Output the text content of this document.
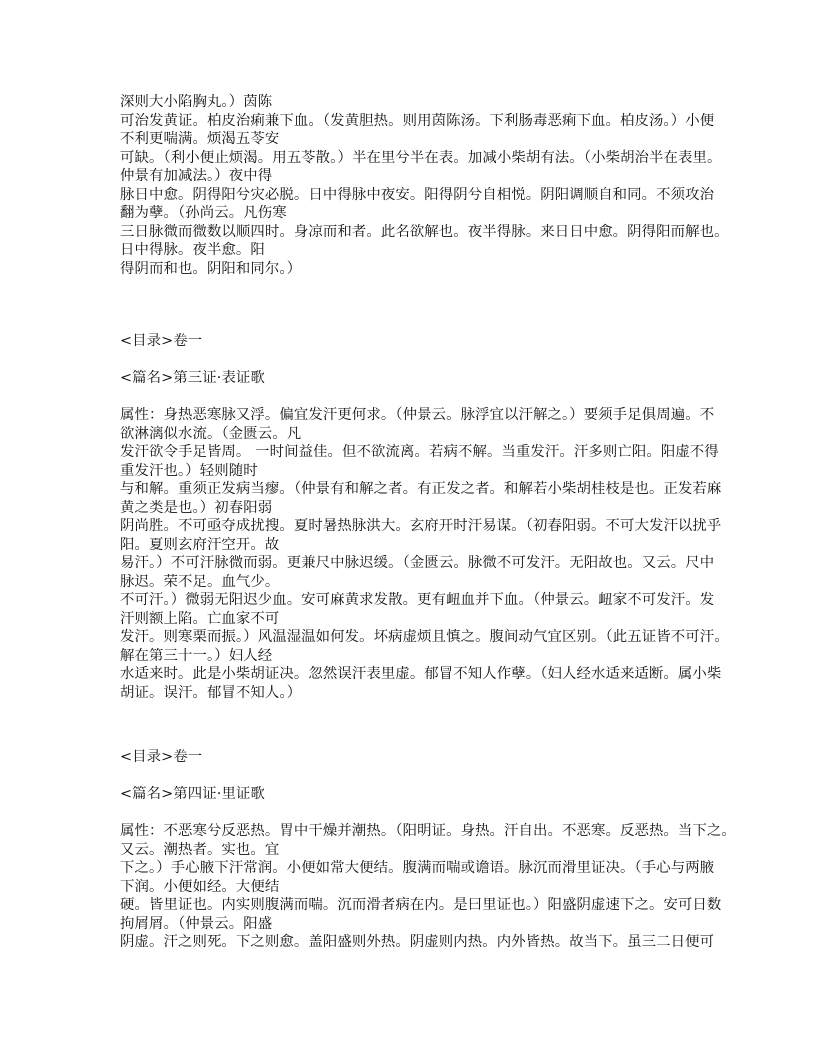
深则大小陷胸丸。）茵陈
可治发黄证。柏皮治痢兼下血。（发黄胆热。则用茵陈汤。下利肠毒恶痢下血。柏皮汤。）小便
不利更喘满。烦渴五苓安
可缺。（利小便止烦渴。用五苓散。）半在里兮半在表。加减小柴胡有法。（小柴胡治半在表里。
仲景有加减法。）夜中得
脉日中愈。阴得阳兮灾必脱。日中得脉中夜安。阳得阴兮自相悦。阴阳调顺自和同。不须攻治
翻为孽。（孙尚云。凡伤寒
三日脉微而微数以顺四时。身凉而和者。此名欲解也。夜半得脉。来日日中愈。阴得阳而解也。
日中得脉。夜半愈。阳
得阴而和也。阴阳和同尔。）
<目录>卷一
<篇名>第三证·表证歌
属性：身热恶寒脉又浮。偏宜发汗更何求。（仲景云。脉浮宜以汗解之。）要须手足俱周遍。不
欲淋漓似水流。（金匮云。凡
发汗欲令手足皆周。 一时间益佳。但不欲流离。若病不解。当重发汗。汗多则亡阳。阳虚不得
重发汗也。）轻则随时
与和解。重须正发病当瘳。（仲景有和解之者。有正发之者。和解若小柴胡桂枝是也。正发若麻
黄之类是也。）初春阳弱
阴尚胜。不可亟夺成扰搜。夏时暑热脉洪大。玄府开时汗易谋。（初春阳弱。不可大发汗以扰乎
阳。夏则玄府汗空开。故
易汗。）不可汗脉微而弱。更兼尺中脉迟缓。（金匮云。脉微不可发汗。无阳故也。又云。尺中
脉迟。荣不足。血气少。
不可汗。）微弱无阳迟少血。安可麻黄求发散。更有衄血并下血。（仲景云。衄家不可发汗。发
汗则额上陷。亡血家不可
发汗。则寒栗而振。）风温湿温如何发。坏病虚烦且慎之。腹间动气宜区别。（此五证皆不可汗。
解在第三十一。）妇人经
水适来时。此是小柴胡证决。忽然误汗表里虚。郁冒不知人作孽。（妇人经水适来适断。属小柴
胡证。误汗。郁冒不知人。）
<目录>卷一
<篇名>第四证·里证歌
属性：不恶寒兮反恶热。胃中干燥并潮热。（阳明证。身热。汗自出。不恶寒。反恶热。当下之。
又云。潮热者。实也。宜
下之。）手心腋下汗常润。小便如常大便结。腹满而喘或谵语。脉沉而滑里证决。（手心与两腋
下润。小便如经。大便结
硬。皆里证也。内实则腹满而喘。沉而滑者病在内。是曰里证也。）阳盛阴虚速下之。安可日数
拘屑屑。（仲景云。阳盛
阴虚。汗之则死。下之则愈。盖阳盛则外热。阴虚则内热。内外皆热。故当下。虽三二日便可
